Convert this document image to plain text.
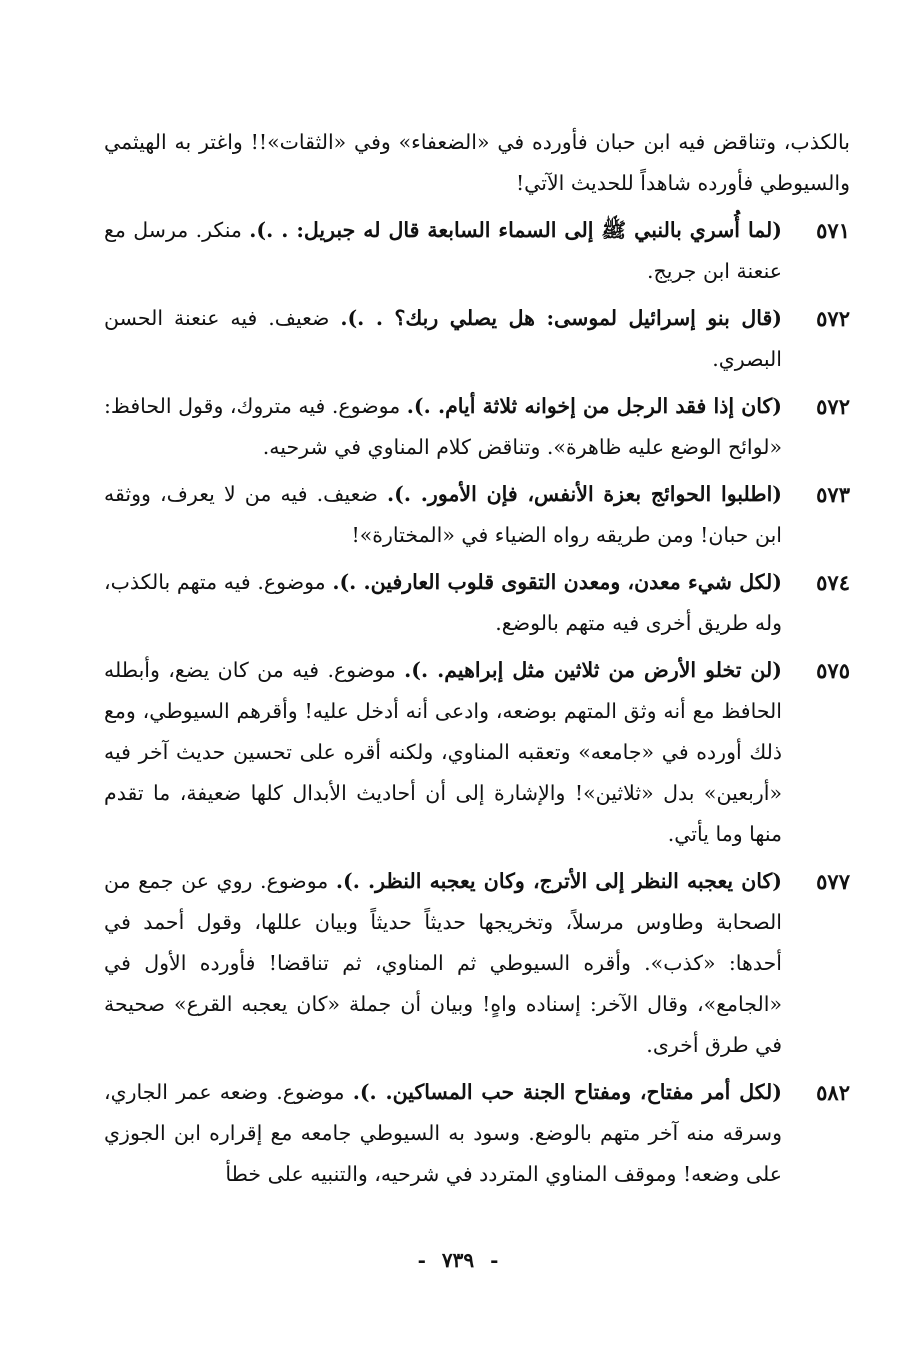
بالكذب، وتناقض فيه ابن حبان فأورده في «الضعفاء» وفي «الثقات»!! واغتر به الهيثمي والسيوطي فأورده شاهداً للحديث الآتي!

٥٧١
(لما أُسري بالنبي ﷺ إلى السماء السابعة قال له جبريل: . .). منكر. مرسل مع عنعنة ابن جريج.
٥٧٢
(قال بنو إسرائيل لموسى: هل يصلي ربك؟ . .). ضعيف. فيه عنعنة الحسن البصري.
٥٧٢
(كان إذا فقد الرجل من إخوانه ثلاثة أيام. .). موضوع. فيه متروك، وقول الحافظ: «لوائح الوضع عليه ظاهرة». وتناقض كلام المناوي في شرحيه.
٥٧٣
(اطلبوا الحوائج بعزة الأنفس، فإن الأمور. .). ضعيف. فيه من لا يعرف، ووثقه ابن حبان! ومن طريقه رواه الضياء في «المختارة»!
٥٧٤
(لكل شيء معدن، ومعدن التقوى قلوب العارفين. .). موضوع. فيه متهم بالكذب، وله طريق أخرى فيه متهم بالوضع.
٥٧٥
(لن تخلو الأرض من ثلاثين مثل إبراهيم. .). موضوع. فيه من كان يضع، وأبطله الحافظ مع أنه وثق المتهم بوضعه، وادعى أنه أدخل عليه! وأقرهم السيوطي، ومع ذلك أورده في «جامعه» وتعقبه المناوي، ولكنه أقره على تحسين حديث آخر فيه «أربعين» بدل «ثلاثين»! والإشارة إلى أن أحاديث الأبدال كلها ضعيفة، ما تقدم منها وما يأتي.
٥٧٧
(كان يعجبه النظر إلى الأترج، وكان يعجبه النظر. .). موضوع. روي عن جمع من الصحابة وطاوس مرسلاً، وتخريجها حديثاً حديثاً وبيان عللها، وقول أحمد في أحدها: «كذب». وأقره السيوطي ثم المناوي، ثم تناقضا! فأورده الأول في «الجامع»، وقال الآخر: إسناده واهٍ! وبيان أن جملة «كان يعجبه القرع» صحيحة في طرق أخرى.
٥٨٢
(لكل أمر مفتاح، ومفتاح الجنة حب المساكين. .). موضوع. وضعه عمر الجاري، وسرقه منه آخر متهم بالوضع. وسود به السيوطي جامعه مع إقراره ابن الجوزي على وضعه! وموقف المناوي المتردد في شرحيه، والتنبيه على خطأ
-٧٣٩-
